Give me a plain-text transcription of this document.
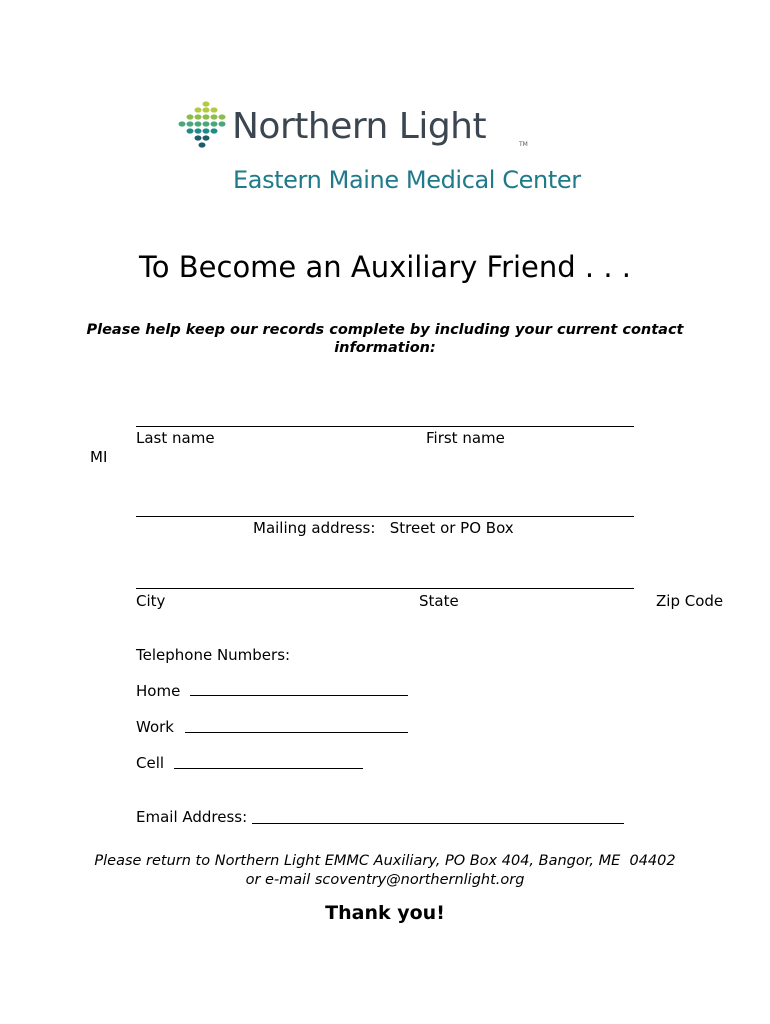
Northern Light	TM
Eastern Maine Medical Center
To Become an Auxiliary Friend . . .
Please help keep our records complete by including your current contact information:
Last name	First name
MI
Mailing address:   Street or PO Box
City	State	Zip Code
Telephone Numbers:
Home
Work
Cell
Email Address:
Please return to Northern Light EMMC Auxiliary, PO Box 404, Bangor, ME  04402
or e-mail scoventry@northernlight.org
Thank you!
